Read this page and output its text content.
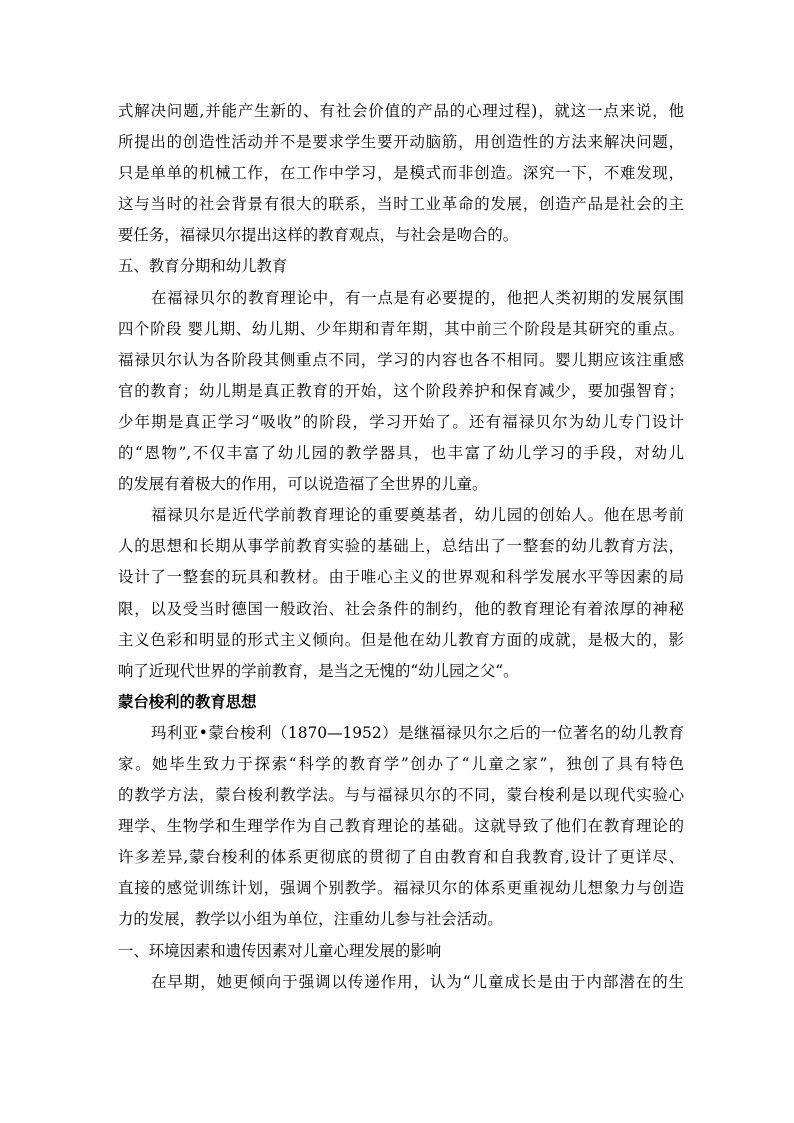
式解决问题,并能产生新的、有社会价值的产品的心理过程)，就这一点来说，他
所提出的创造性活动并不是要求学生要开动脑筋，用创造性的方法来解决问题，
只是单单的机械工作，在工作中学习，是模式而非创造。深究一下，不难发现，
这与当时的社会背景有很大的联系，当时工业革命的发展，创造产品是社会的主
要任务，福禄贝尔提出这样的教育观点，与社会是吻合的。
五、教育分期和幼儿教育
在福禄贝尔的教育理论中，有一点是有必要提的，他把人类初期的发展氛围
四个阶段 婴儿期、幼儿期、少年期和青年期，其中前三个阶段是其研究的重点。
福禄贝尔认为各阶段其侧重点不同，学习的内容也各不相同。婴儿期应该注重感
官的教育；幼儿期是真正教育的开始，这个阶段养护和保育减少，要加强智育；
少年期是真正学习“吸收”的阶段，学习开始了。还有福禄贝尔为幼儿专门设计
的“恩物”,不仅丰富了幼儿园的教学器具，也丰富了幼儿学习的手段，对幼儿
的发展有着极大的作用，可以说造福了全世界的儿童。
福禄贝尔是近代学前教育理论的重要奠基者，幼儿园的创始人。他在思考前
人的思想和长期从事学前教育实验的基础上，总结出了一整套的幼儿教育方法，
设计了一整套的玩具和教材。由于唯心主义的世界观和科学发展水平等因素的局
限，以及受当时德国一般政治、社会条件的制约，他的教育理论有着浓厚的神秘
主义色彩和明显的形式主义倾向。但是他在幼儿教育方面的成就，是极大的，影
响了近现代世界的学前教育，是当之无愧的“幼儿园之父“。
蒙台梭利的教育思想
玛利亚•蒙台梭利（1870—1952）是继福禄贝尔之后的一位著名的幼儿教育
家。她毕生致力于探索“科学的教育学”创办了“儿童之家”，独创了具有特色
的教学方法，蒙台梭利教学法。与与福禄贝尔的不同，蒙台梭利是以现代实验心
理学、生物学和生理学作为自己教育理论的基础。这就导致了他们在教育理论的
许多差异,蒙台梭利的体系更彻底的贯彻了自由教育和自我教育,设计了更详尽、
直接的感觉训练计划，强调个别教学。福禄贝尔的体系更重视幼儿想象力与创造
力的发展，教学以小组为单位，注重幼儿参与社会活动。
一、环境因素和遗传因素对儿童心理发展的影响
在早期，她更倾向于强调以传递作用，认为“儿童成长是由于内部潜在的生
